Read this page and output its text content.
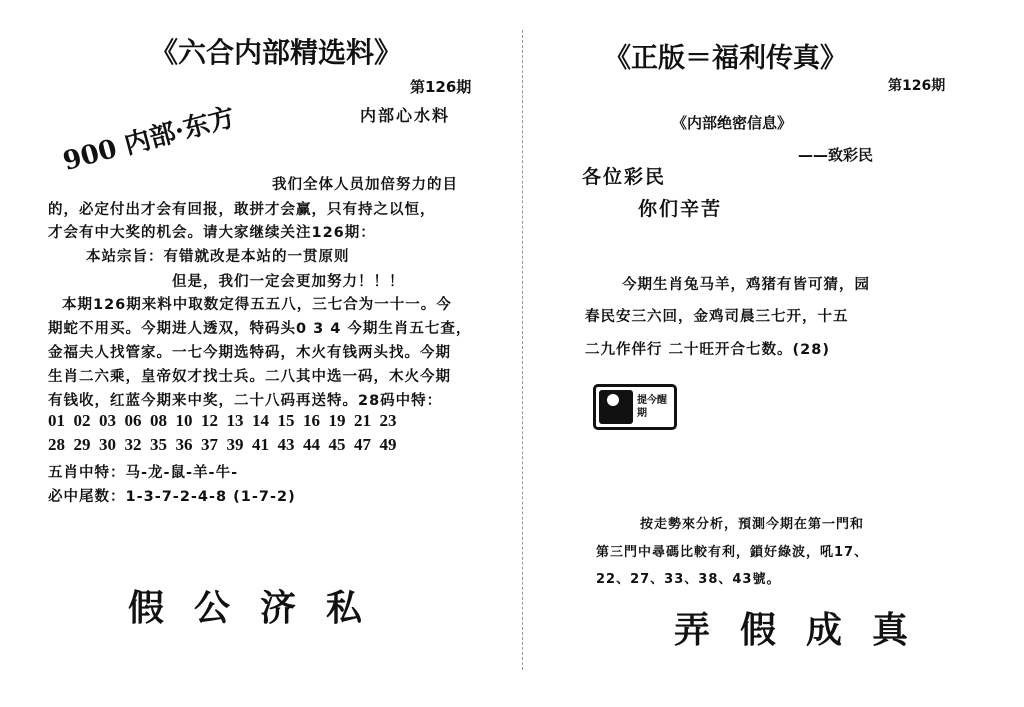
《六合内部精选料》
900 内部·东方
第126期
内部心水料
我们全体人员加倍努力的目
的，必定付出才会有回报，敢拼才会赢，只有持之以恒，
才会有中大奖的机会。请大家继续关注126期：
本站宗旨：有错就改是本站的一贯原则
但是，我们一定会更加努力！！！
本期126期来料中取数定得五五八，三七合为一十一。今
期蛇不用买。今期进人透双，特码头0 3 4 今期生肖五七查，
金福夫人找管家。一七今期选特码，木火有钱两头找。今期
生肖二六乘，皇帝奴才找士兵。二八其中选一码，木火今期
有钱收，红蓝今期来中奖，二十八码再送特。28码中特：
01  02  03  06  08  10  12  13  14  15  16  19  21  23
28  29  30  32  35  36  37  39  41  43  44  45  47  49
五肖中特：马-龙-鼠-羊-牛-
必中尾数：1-3-7-2-4-8 (1-7-2)
假公济私
《正版＝福利传真》
第126期
《内部绝密信息》
——致彩民
各位彩民
你们辛苦
今期生肖兔马羊，鸡猪有皆可猜，园
春民安三六回，金鸡司晨三七开，十五
二九作伴行 二十旺开合七数。(28)
提今醒期
按走勢來分析，預測今期在第一門和
第三門中尋碼比較有利，鎖好綠波，吼17、
22、27、33、38、43號。
弄假成真
